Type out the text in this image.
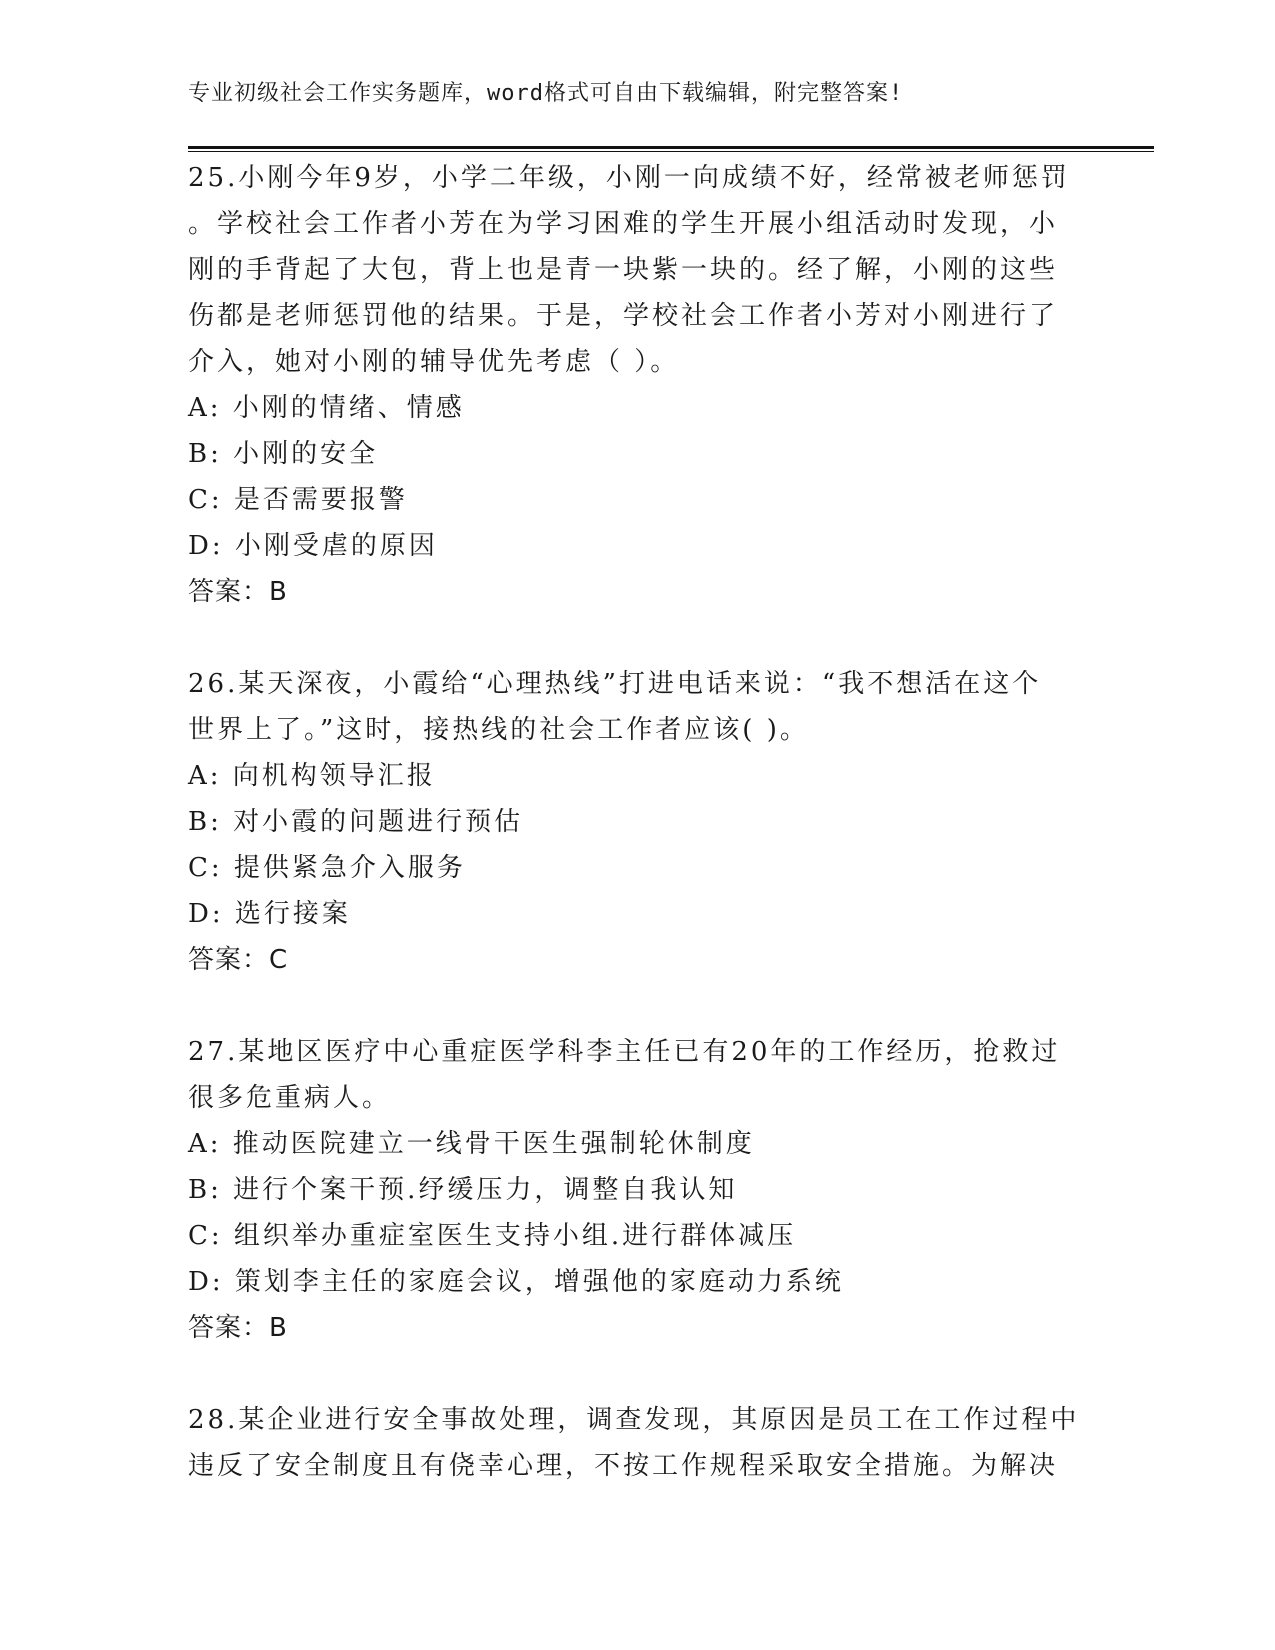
专业初级社会工作实务题库，word格式可自由下载编辑，附完整答案!

25.小刚今年9岁，小学二年级，小刚一向成绩不好，经常被老师惩罚

。学校社会工作者小芳在为学习困难的学生开展小组活动时发现，小

刚的手背起了大包，背上也是青一块紫一块的。经了解，小刚的这些

伤都是老师惩罚他的结果。于是，学校社会工作者小芳对小刚进行了

介入，她对小刚的辅导优先考虑（ ）。

A: 小刚的情绪、情感

B: 小刚的安全

C: 是否需要报警

D: 小刚受虐的原因

答案：B

26.某天深夜，小霞给“心理热线”打进电话来说：“我不想活在这个

世界上了。”这时，接热线的社会工作者应该( )。

A: 向机构领导汇报

B: 对小霞的问题进行预估

C: 提供紧急介入服务

D: 选行接案

答案：C

27.某地区医疗中心重症医学科李主任已有20年的工作经历，抢救过

很多危重病人。

A: 推动医院建立一线骨干医生强制轮休制度

B: 进行个案干预.纾缓压力，调整自我认知

C: 组织举办重症室医生支持小组.进行群体减压

D: 策划李主任的家庭会议，增强他的家庭动力系统

答案：B

28.某企业进行安全事故处理，调查发现，其原因是员工在工作过程中

违反了安全制度且有侥幸心理，不按工作规程采取安全措施。为解决
